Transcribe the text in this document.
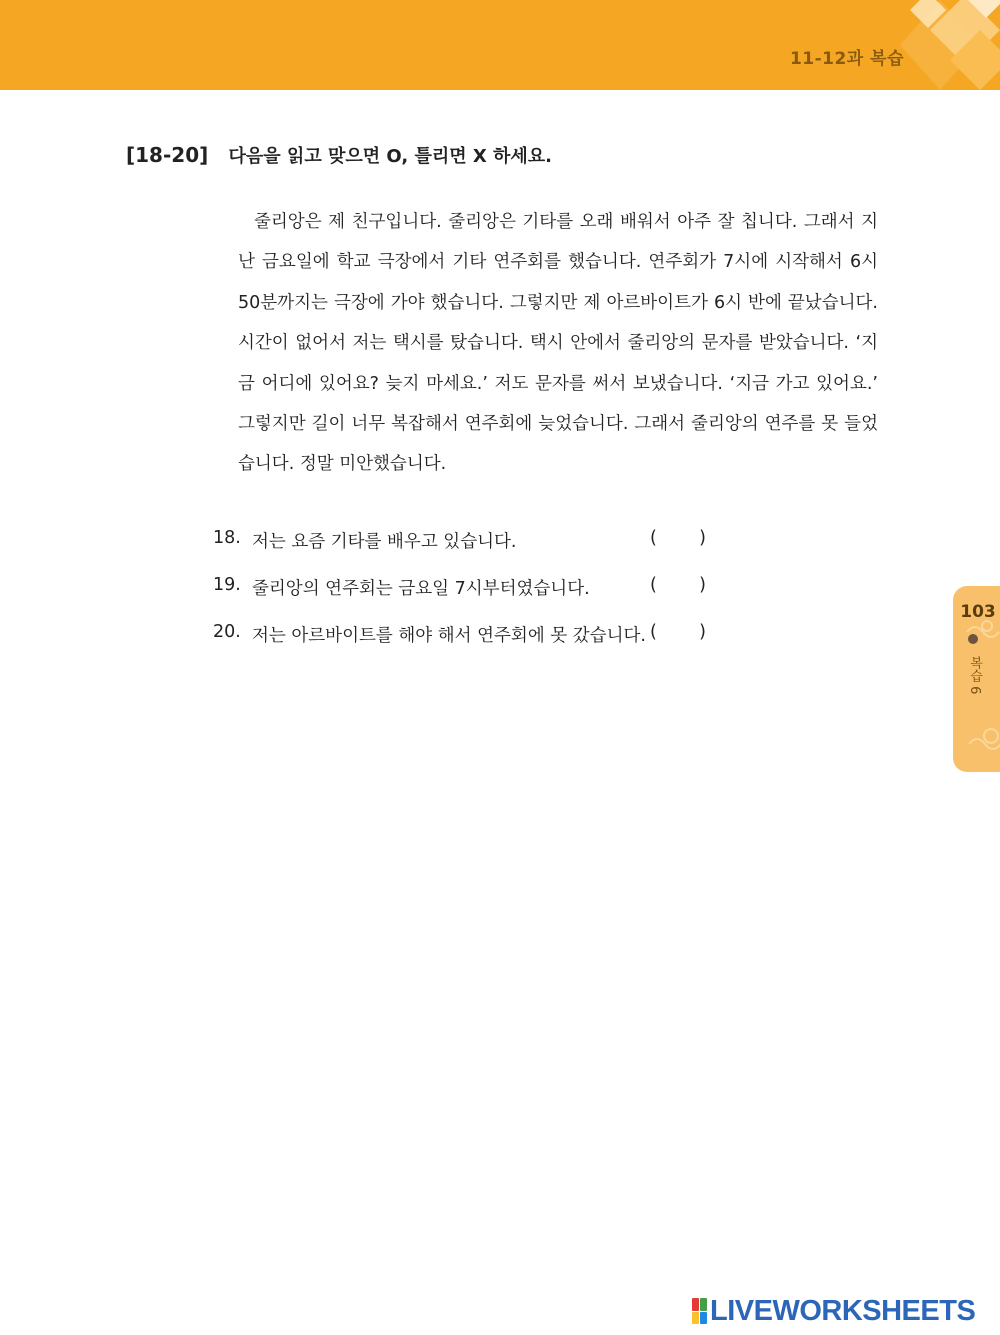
11-12과 복습
[18-20] 다음을 읽고 맞으면 O, 틀리면 X 하세요.
줄리앙은 제 친구입니다. 줄리앙은 기타를 오래 배워서 아주 잘 칩니다. 그래서 지난 금요일에 학교 극장에서 기타 연주회를 했습니다. 연주회가 7시에 시작해서 6시 50분까지는 극장에 가야 했습니다. 그렇지만 제 아르바이트가 6시 반에 끝났습니다. 시간이 없어서 저는 택시를 탔습니다. 택시 안에서 줄리앙의 문자를 받았습니다. ‘지금 어디에 있어요? 늦지 마세요.’ 저도 문자를 써서 보냈습니다. ‘지금 가고 있어요.’ 그렇지만 길이 너무 복잡해서 연주회에 늦었습니다. 그래서 줄리앙의 연주를 못 들었습니다. 정말 미안했습니다.
18. 저는 요즘 기타를 배우고 있습니다.	( )
19. 줄리앙의 연주회는 금요일 7시부터였습니다.	( )
20. 저는 아르바이트를 해야 해서 연주회에 못 갔습니다. ( )
103
복습 6
LIVEWORKSHEETS
